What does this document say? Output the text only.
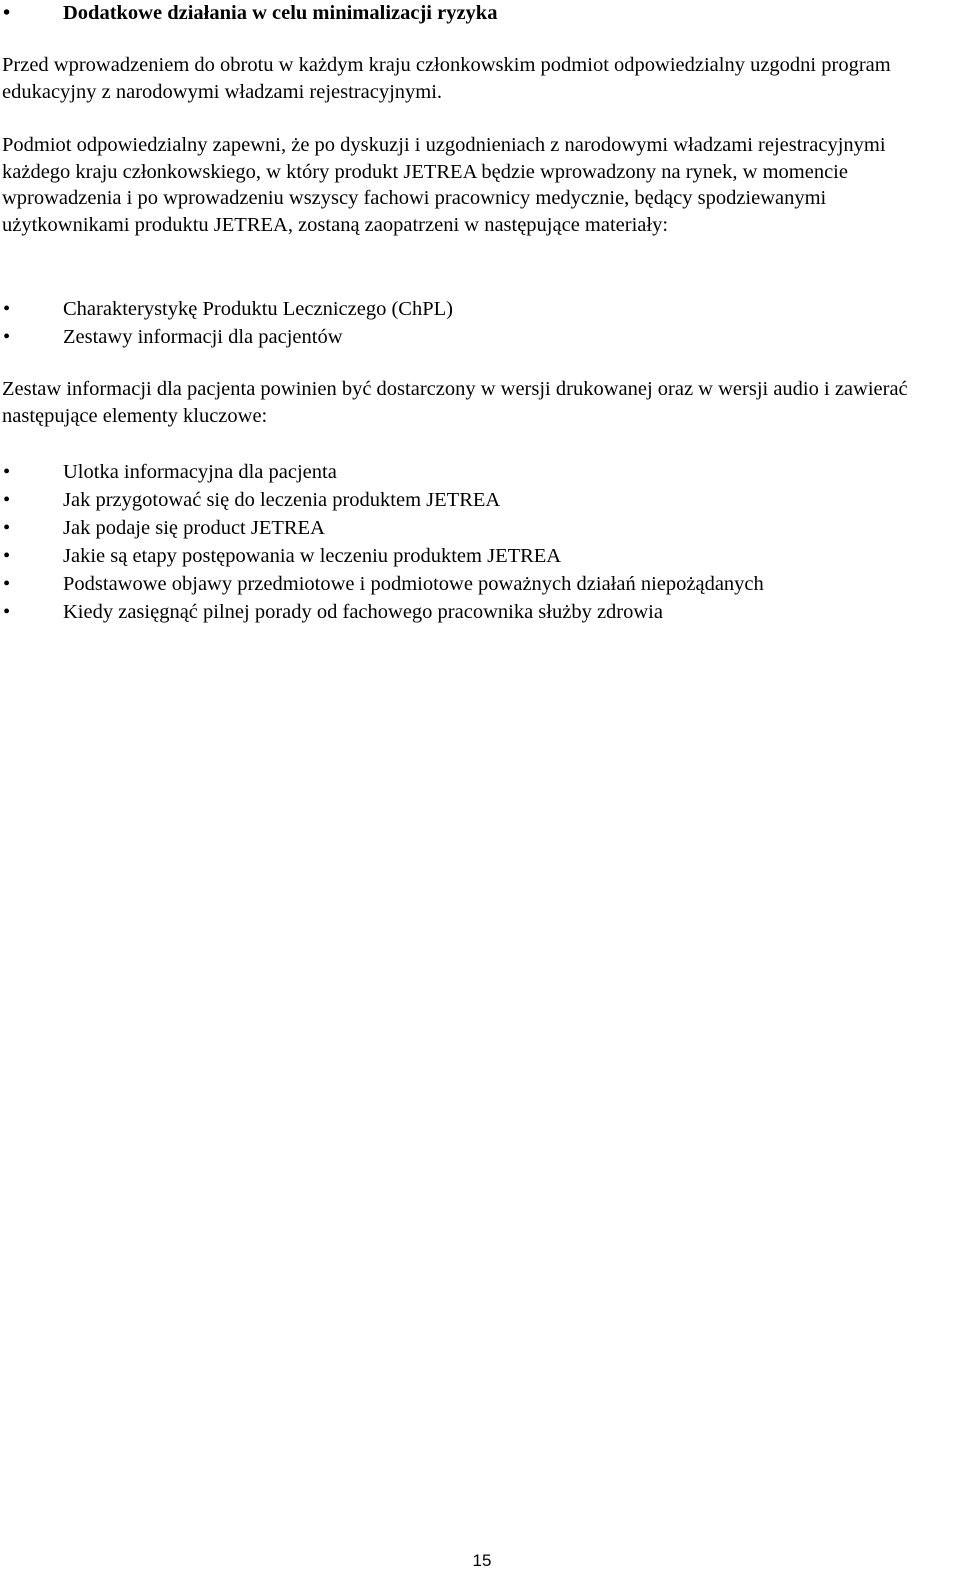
•	Dodatkowe działania w celu minimalizacji ryzyka

Przed wprowadzeniem do obrotu w każdym kraju członkowskim podmiot odpowiedzialny uzgodni program edukacyjny z narodowymi władzami rejestracyjnymi.

Podmiot odpowiedzialny zapewni, że po dyskuzji i uzgodnieniach z narodowymi władzami rejestracyjnymi każdego kraju członkowskiego, w który produkt JETREA będzie wprowadzony na rynek, w momencie wprowadzenia i po wprowadzeniu wszyscy fachowi pracownicy medycznie, będący spodziewanymi użytkownikami produktu JETREA, zostaną zaopatrzeni w następujące materiały:

•	Charakterystykę Produktu Leczniczego (ChPL)
•	Zestawy informacji dla pacjentów

Zestaw informacji dla pacjenta powinien być dostarczony w wersji drukowanej oraz w wersji audio i zawierać następujące elementy kluczowe:

•	Ulotka informacyjna dla pacjenta
•	Jak przygotować się do leczenia produktem JETREA
•	Jak podaje się product JETREA
•	Jakie są etapy postępowania w leczeniu produktem JETREA
•	Podstawowe objawy przedmiotowe i podmiotowe poważnych działań niepożądanych
•	Kiedy zasięgnąć pilnej porady od fachowego pracownika służby zdrowia
15
